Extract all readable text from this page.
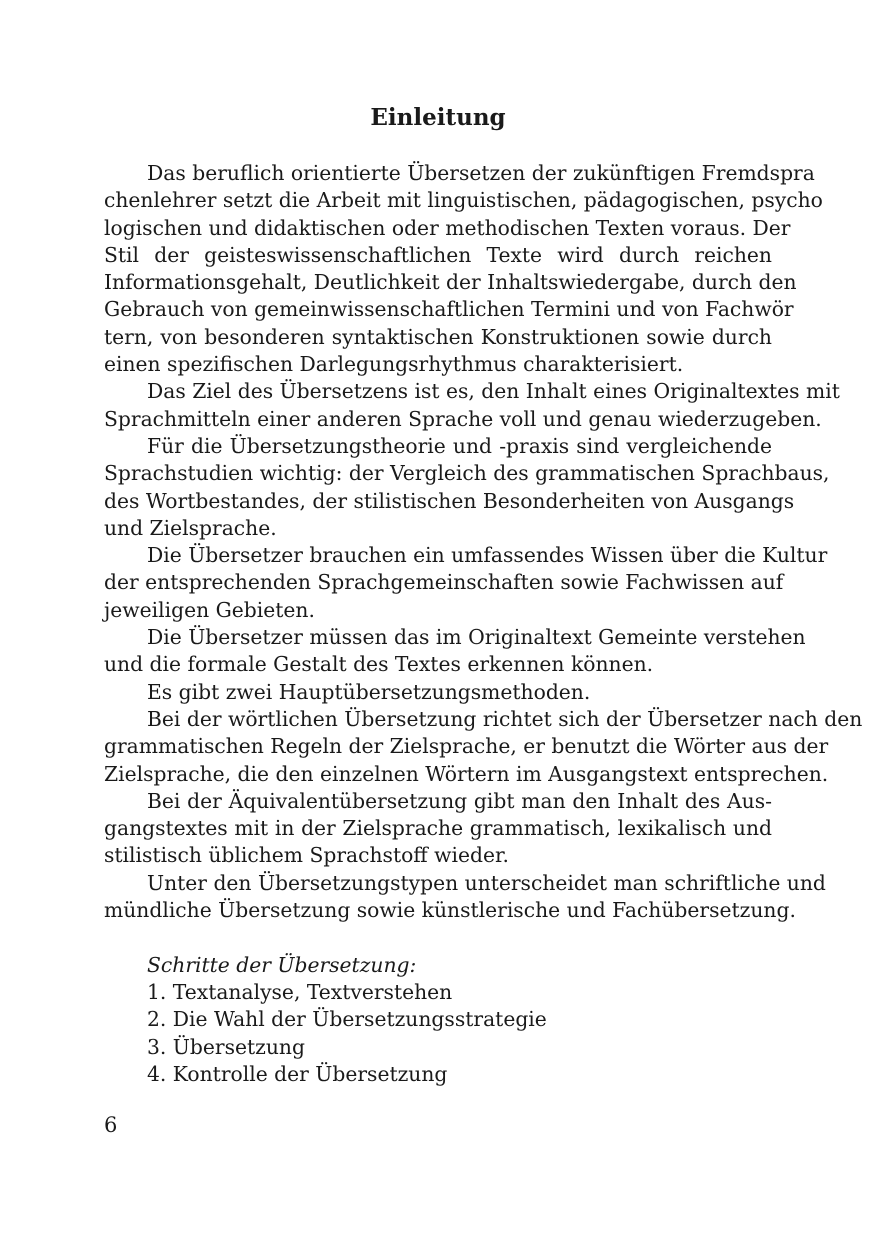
Einleitung
Das beruflich orientierte Übersetzen der zukünftigen Fremdspra
chenlehrer setzt die Arbeit mit linguistischen, pädagogischen, psycho
logischen und didaktischen oder methodischen Texten voraus. Der
Stil der geisteswissenschaftlichen Texte wird durch reichen
Informationsgehalt, Deutlichkeit der Inhaltswiedergabe, durch den
Gebrauch von gemeinwissenschaftlichen Termini und von Fachwör
tern, von besonderen syntaktischen Konstruktionen sowie durch
einen spezifischen Darlegungsrhythmus charakterisiert.
Das Ziel des Übersetzens ist es, den Inhalt eines Originaltextes mit
Sprachmitteln einer anderen Sprache voll und genau wiederzugeben.
Für die Übersetzungstheorie und -praxis sind vergleichende
Sprachstudien wichtig: der Vergleich des grammatischen Sprachbaus,
des Wortbestandes, der stilistischen Besonderheiten von Ausgangs
und Zielsprache.
Die Übersetzer brauchen ein umfassendes Wissen über die Kultur
der entsprechenden Sprachgemeinschaften sowie Fachwissen auf
jeweiligen Gebieten.
Die Übersetzer müssen das im Originaltext Gemeinte verstehen
und die formale Gestalt des Textes erkennen können.
Es gibt zwei Hauptübersetzungsmethoden.
Bei der wörtlichen Übersetzung richtet sich der Übersetzer nach den
grammatischen Regeln der Zielsprache, er benutzt die Wörter aus der
Zielsprache, die den einzelnen Wörtern im Ausgangstext entsprechen.
Bei der Äquivalentübersetzung gibt man den Inhalt des Aus-
gangstextes mit in der Zielsprache grammatisch, lexikalisch und
stilistisch üblichem Sprachstoff wieder.
Unter den Übersetzungstypen unterscheidet man schriftliche und
mündliche Übersetzung sowie künstlerische und Fachübersetzung.
Schritte der Übersetzung:
1. Textanalyse, Textverstehen
2. Die Wahl der Übersetzungsstrategie
3. Übersetzung
4. Kontrolle der Übersetzung
6
